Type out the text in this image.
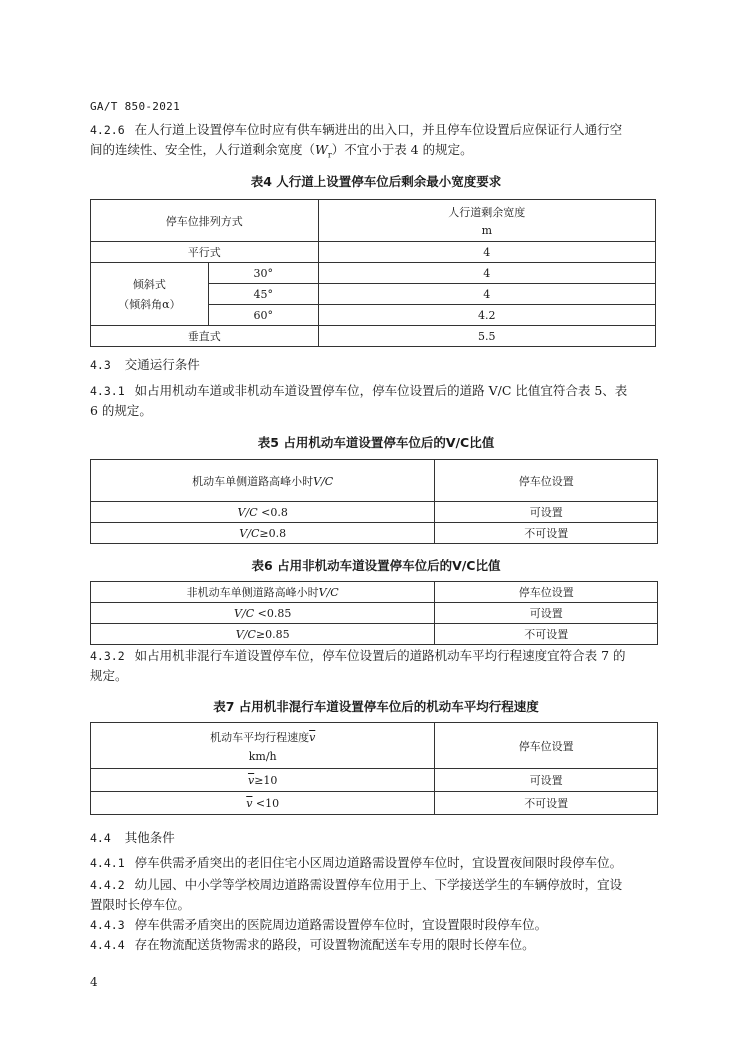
GA/T 850-2021
4.2.6 在人行道上设置停车位时应有供车辆进出的出入口，并且停车位设置后应保证行人通行空
间的连续性、安全性，人行道剩余宽度$(W_r)$不宜小于表 4 的规定。
表4 人行道上设置停车位后剩余最小宽度要求
停车位排列方式		人行道剩余宽度
m

平行式		4

倾斜式
（倾斜角α）	30°	4
	45°	4
	60°	4.2
垂直式		5.5
4.3 交通运行条件
4.3.1 如占用机动车道或非机动车道设置停车位，停车位设置后的道路 V/C 比值宜符合表 5、表
6 的规定。
表5 占用机动车道设置停车位后的V/C比值
机动车单侧道路高峰小时V/C	停车位设置
V/C <0.8	可设置
V/C≥0.8	不可设置
表6 占用非机动车道设置停车位后的V/C比值
非机动车单侧道路高峰小时V/C	停车位设置
V/C <0.85	可设置
V/C≥0.85	不可设置
4.3.2 如占用机非混行车道设置停车位，停车位设置后的道路机动车平均行程速度宜符合表 7 的
规定。
表7 占用机非混行车道设置停车位后的机动车平均行程速度
机动车平均行程速度$\overline{v}$
km/h	停车位设置
$\overline{v}\ge 10$	可设置
$\overline{v} <10$	不可设置
4.4 其他条件
4.4.1 停车供需矛盾突出的老旧住宅小区周边道路需设置停车位时，宜设置夜间限时段停车位。
4.4.2 幼儿园、中小学等学校周边道路需设置停车位用于上、下学接送学生的车辆停放时，宜设
置限时长停车位。
4.4.3 停车供需矛盾突出的医院周边道路需设置停车位时，宜设置限时段停车位。
4.4.4 存在物流配送货物需求的路段，可设置物流配送车专用的限时长停车位。
4
